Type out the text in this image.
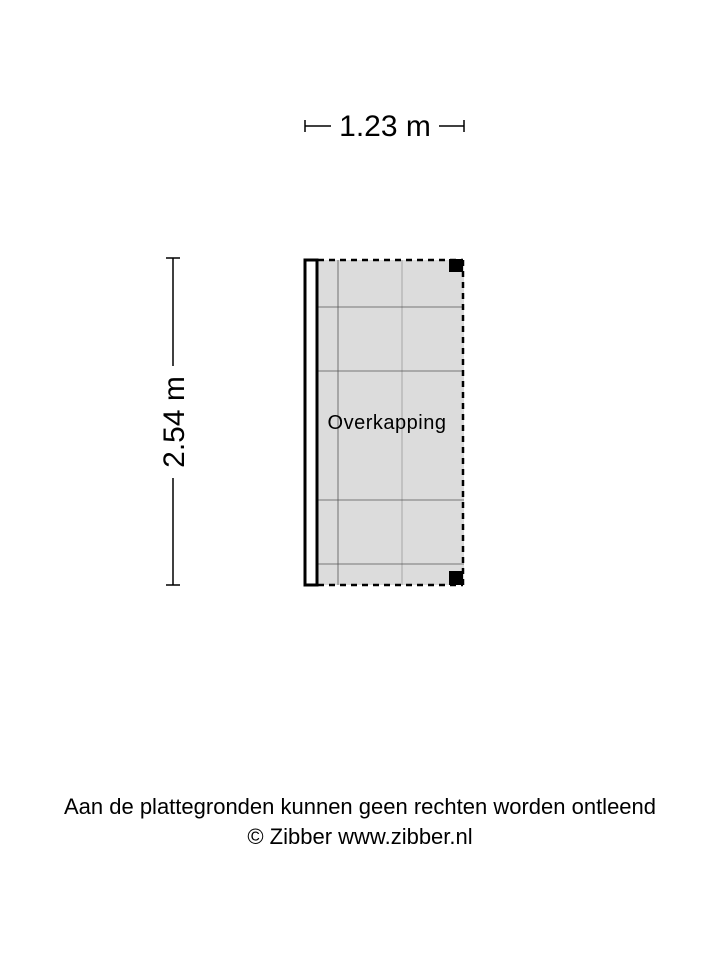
1.23 m
2.54 m	Overkapping
Aan de plattegronden kunnen geen rechten worden ontleend
© Zibber www.zibber.nl
